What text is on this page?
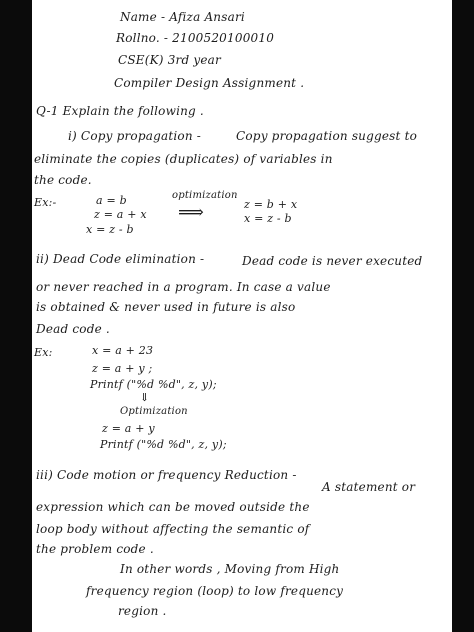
Name - Afiza Ansari
Rollno. - 2100520100010
CSE(K) 3rd year
Compiler Design Assignment .
Q-1 Explain the following .
i) Copy propagation -	Copy propagation suggest to
eliminate the copies (duplicates) of variables in
the code.
Ex:-	a = b
z = a + x
x = z - b
optimization
⟹	z = b + x
x = z - b
ii) Dead Code elimination -	Dead code is never executed
or never reached in a program. In case a value
is obtained & never used in future is also
Dead code .
Ex:	x = a + 23
z = a + y ;
Printf ("%d %d", z, y);
⇓
Optimization
z = a + y
Printf ("%d %d", z, y);
iii) Code motion or frequency Reduction -
A statement or
expression which can be moved outside the
loop body without affecting the semantic of
the problem code .
In other words , Moving from High
frequency region (loop) to low frequency
region .
